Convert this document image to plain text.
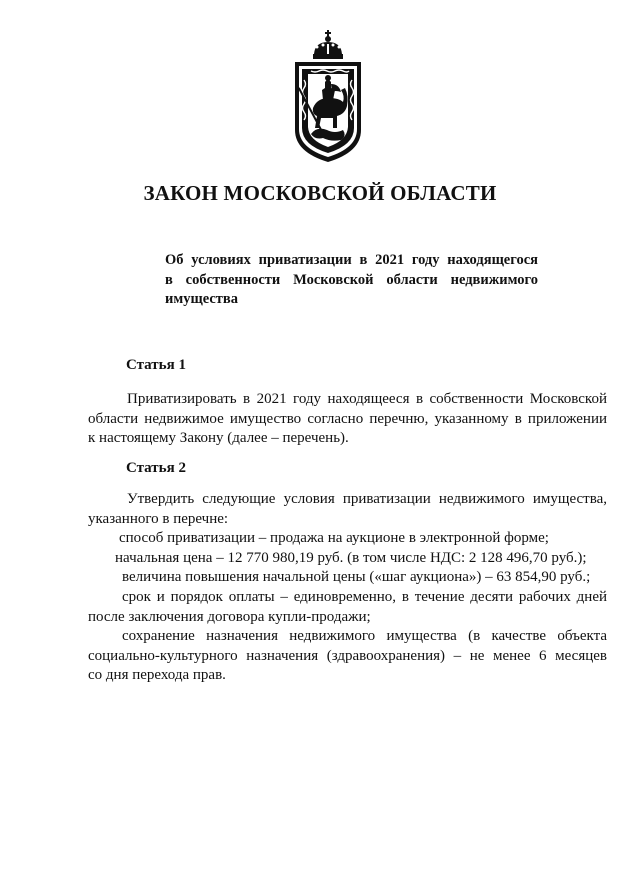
ЗАКОН МОСКОВСКОЙ ОБЛАСТИ
Об условиях приватизации в 2021 году находящегося
в собственности Московской области недвижимого
имущества
Статья 1
Приватизировать в 2021 году находящееся в собственности Московской
области недвижимое имущество согласно перечню, указанному в приложении
к настоящему Закону (далее – перечень).
Статья 2
Утвердить следующие условия приватизации недвижимого имущества,
указанного в перечне:
способ приватизации – продажа на аукционе в электронной форме;
начальная цена – 12 770 980,19 руб. (в том числе НДС: 2 128 496,70 руб.);
величина повышения начальной цены («шаг аукциона») – 63 854,90 руб.;
срок и порядок оплаты – единовременно, в течение десяти рабочих дней
после заключения договора купли-продажи;
сохранение назначения недвижимого имущества (в качестве объекта
социально-культурного назначения (здравоохранения) – не менее 6 месяцев
со дня перехода прав.
